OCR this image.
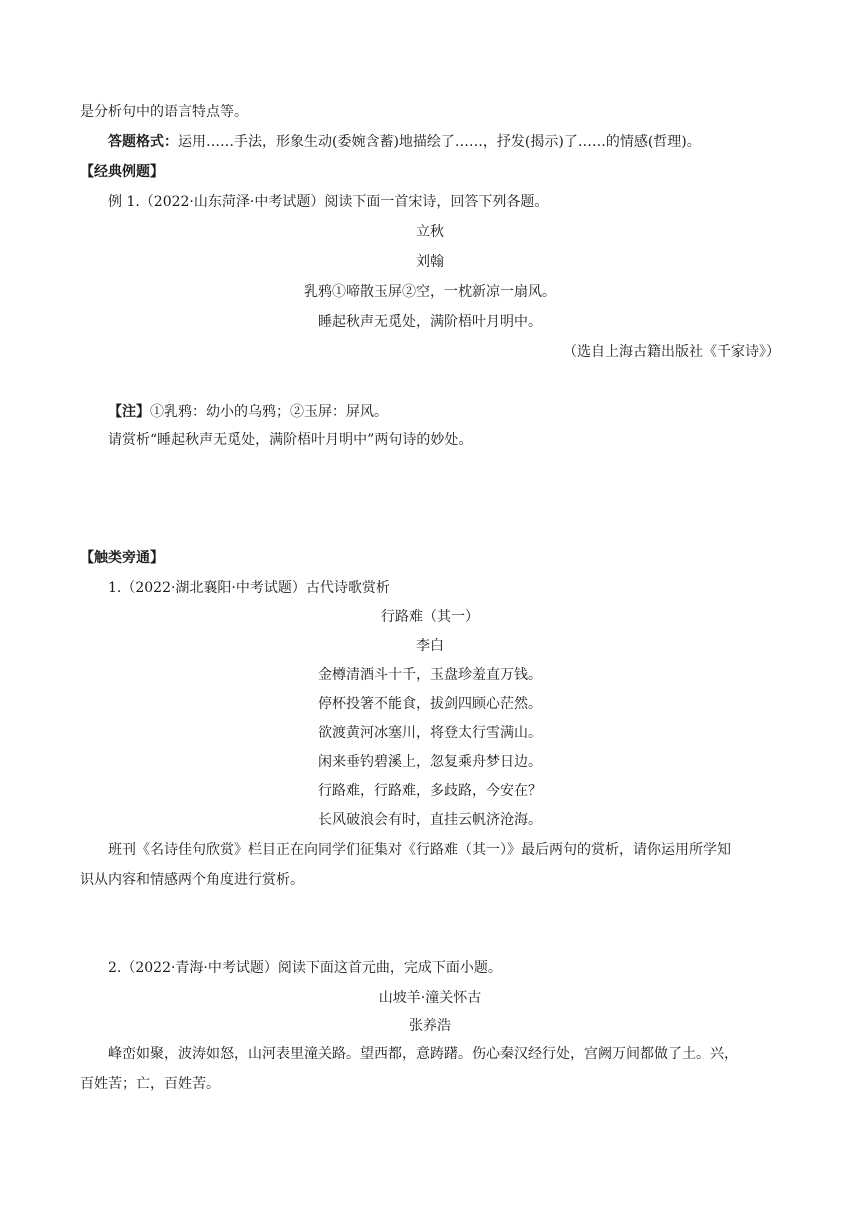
是分析句中的语言特点等。
答题格式：运用……手法，形象生动(委婉含蓄)地描绘了……，抒发(揭示)了……的情感(哲理)。
【经典例题】
例 1.（2022·山东菏泽·中考试题）阅读下面一首宋诗，回答下列各题。
立秋
刘翰
乳鸦①啼散玉屏②空，一枕新凉一扇风。
睡起秋声无觅处，满阶梧叶月明中。
（选自上海古籍出版社《千家诗》）
【注】①乳鸦：幼小的乌鸦；②玉屏：屏风。
请赏析“睡起秋声无觅处，满阶梧叶月明中”两句诗的妙处。
【触类旁通】
1.（2022·湖北襄阳·中考试题）古代诗歌赏析
行路难（其一）
李白
金樽清酒斗十千，玉盘珍羞直万钱。
停杯投箸不能食，拔剑四顾心茫然。
欲渡黄河冰塞川，将登太行雪满山。
闲来垂钓碧溪上，忽复乘舟梦日边。
行路难，行路难，多歧路，今安在？
长风破浪会有时，直挂云帆济沧海。
班刊《名诗佳句欣赏》栏目正在向同学们征集对《行路难（其一）》最后两句的赏析，请你运用所学知
识从内容和情感两个角度进行赏析。
2.（2022·青海·中考试题）阅读下面这首元曲，完成下面小题。
山坡羊·潼关怀古
张养浩
峰峦如聚，波涛如怒，山河表里潼关路。望西都，意踌躇。伤心秦汉经行处，宫阙万间都做了土。兴，
百姓苦；亡，百姓苦。
